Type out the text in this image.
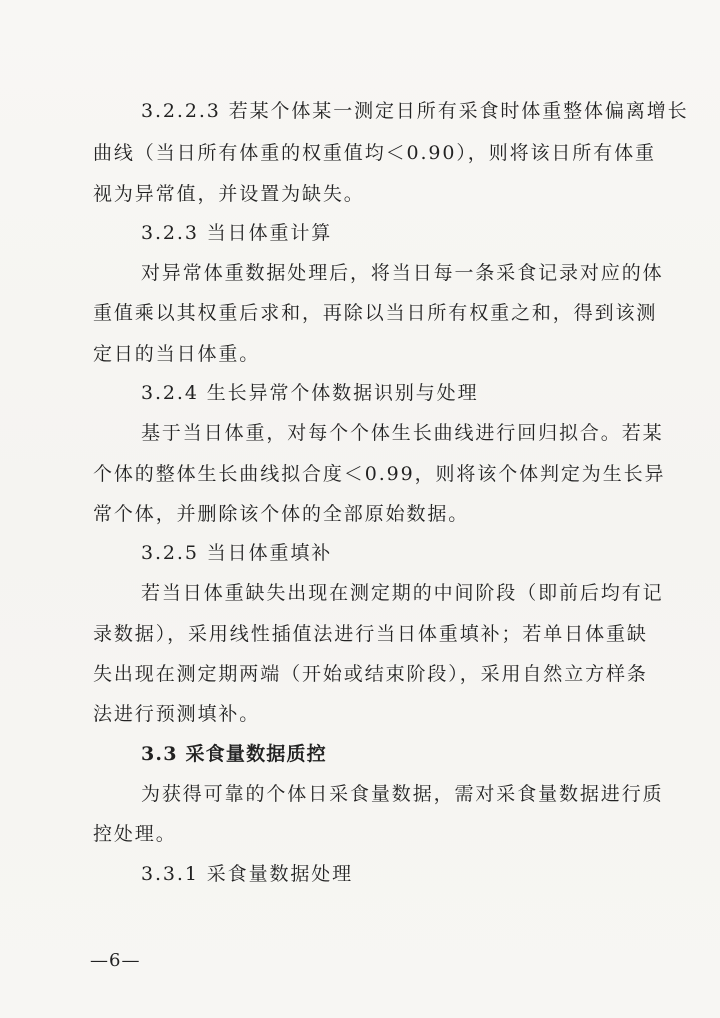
3.2.2.3 若某个体某一测定日所有采食时体重整体偏离增长
曲线（当日所有体重的权重值均＜0.90），则将该日所有体重
视为异常值，并设置为缺失。
3.2.3 当日体重计算
对异常体重数据处理后，将当日每一条采食记录对应的体
重值乘以其权重后求和，再除以当日所有权重之和，得到该测
定日的当日体重。
3.2.4 生长异常个体数据识别与处理
基于当日体重，对每个个体生长曲线进行回归拟合。若某
个体的整体生长曲线拟合度＜0.99，则将该个体判定为生长异
常个体，并删除该个体的全部原始数据。
3.2.5 当日体重填补
若当日体重缺失出现在测定期的中间阶段（即前后均有记
录数据），采用线性插值法进行当日体重填补；若单日体重缺
失出现在测定期两端（开始或结束阶段），采用自然立方样条
法进行预测填补。
3.3 采食量数据质控
为获得可靠的个体日采食量数据，需对采食量数据进行质
控处理。
3.3.1 采食量数据处理
—6—
